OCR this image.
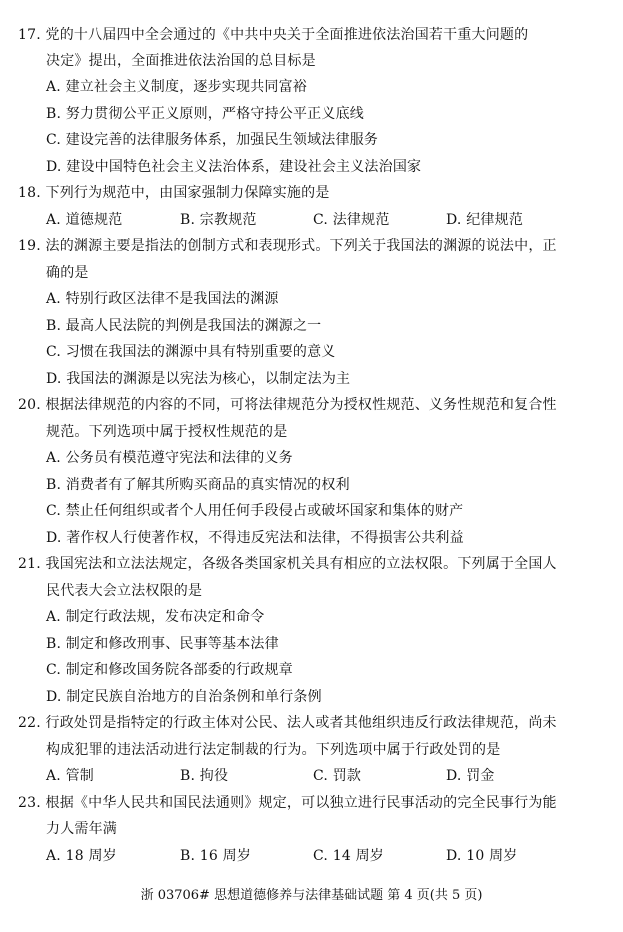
17. 党的十八届四中全会通过的《中共中央关于全面推进依法治国若干重大问题的
决定》提出，全面推进依法治国的总目标是
A. 建立社会主义制度，逐步实现共同富裕
B. 努力贯彻公平正义原则，严格守持公平正义底线
C. 建设完善的法律服务体系，加强民生领域法律服务
D. 建设中国特色社会主义法治体系，建设社会主义法治国家
18. 下列行为规范中，由国家强制力保障实施的是
A. 道德规范	B. 宗教规范	C. 法律规范	D. 纪律规范
19. 法的渊源主要是指法的创制方式和表现形式。下列关于我国法的渊源的说法中，正
确的是
A. 特别行政区法律不是我国法的渊源
B. 最高人民法院的判例是我国法的渊源之一
C. 习惯在我国法的渊源中具有特别重要的意义
D. 我国法的渊源是以宪法为核心，以制定法为主
20. 根据法律规范的内容的不同，可将法律规范分为授权性规范、义务性规范和复合性
规范。下列选项中属于授权性规范的是
A. 公务员有模范遵守宪法和法律的义务
B. 消费者有了解其所购买商品的真实情况的权利
C. 禁止任何组织或者个人用任何手段侵占或破坏国家和集体的财产
D. 著作权人行使著作权，不得违反宪法和法律，不得损害公共利益
21. 我国宪法和立法法规定，各级各类国家机关具有相应的立法权限。下列属于全国人
民代表大会立法权限的是
A. 制定行政法规，发布决定和命令
B. 制定和修改刑事、民事等基本法律
C. 制定和修改国务院各部委的行政规章
D. 制定民族自治地方的自治条例和单行条例
22. 行政处罚是指特定的行政主体对公民、法人或者其他组织违反行政法律规范，尚未
构成犯罪的违法活动进行法定制裁的行为。下列选项中属于行政处罚的是
A. 管制	B. 拘役	C. 罚款	D. 罚金
23. 根据《中华人民共和国民法通则》规定，可以独立进行民事活动的完全民事行为能
力人需年满
A. 18 周岁	B. 16 周岁	C. 14 周岁	D. 10 周岁
浙 03706# 思想道德修养与法律基础试题 第 4 页(共 5 页)
